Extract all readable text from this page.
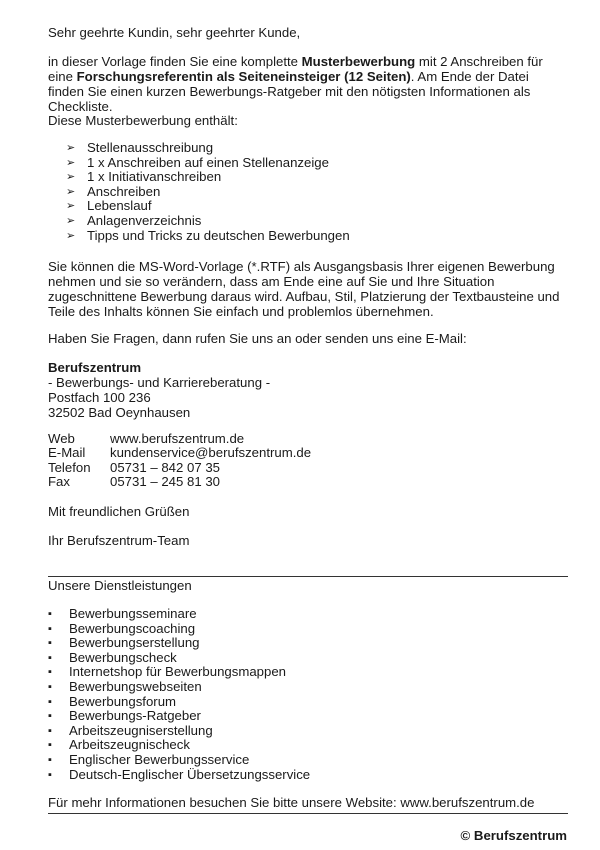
Sehr geehrte Kundin, sehr geehrter Kunde,

in dieser Vorlage finden Sie eine komplette Musterbewerbung mit 2 Anschreiben für eine Forschungsreferentin als Seiteneinsteiger (12 Seiten). Am Ende der Datei finden Sie einen kurzen Bewerbungs-Ratgeber mit den nötigsten Informationen als Checkliste.

Diese Musterbewerbung enthält:

➢ Stellenausschreibung
➢ 1 x Anschreiben auf einen Stellenanzeige
➢ 1 x Initiativanschreiben
➢ Anschreiben
➢ Lebenslauf
➢ Anlagenverzeichnis
➢ Tipps und Tricks zu deutschen Bewerbungen

Sie können die MS-Word-Vorlage (*.RTF) als Ausgangsbasis Ihrer eigenen Bewerbung nehmen und sie so verändern, dass am Ende eine auf Sie und Ihre Situation zugeschnittene Bewerbung daraus wird. Aufbau, Stil, Platzierung der Textbausteine und Teile des Inhalts können Sie einfach und problemlos übernehmen.

Haben Sie Fragen, dann rufen Sie uns an oder senden uns eine E-Mail:

Berufszentrum
- Bewerbungs- und Karriereberatung -
Postfach 100 236
32502 Bad Oeynhausen
Web	www.berufszentrum.de
E-Mail kundenservice@berufszentrum.de
Telefon 05731 – 842 07 35
Fax	05731 – 245 81 30

Mit freundlichen Grüßen

Ihr Berufszentrum-Team

Unsere Dienstleistungen

▪	Bewerbungsseminare
▪	Bewerbungscoaching
▪	Bewerbungserstellung
▪	Bewerbungscheck
▪	Internetshop für Bewerbungsmappen
▪	Bewerbungswebseiten
▪	Bewerbungsforum
▪	Bewerbungs-Ratgeber
▪	Arbeitszeugniserstellung
▪	Arbeitszeugnischeck
▪	Englischer Bewerbungsservice
▪	Deutsch-Englischer Übersetzungsservice

Für mehr Informationen besuchen Sie bitte unsere Website: www.berufszentrum.de

© Berufszentrum
